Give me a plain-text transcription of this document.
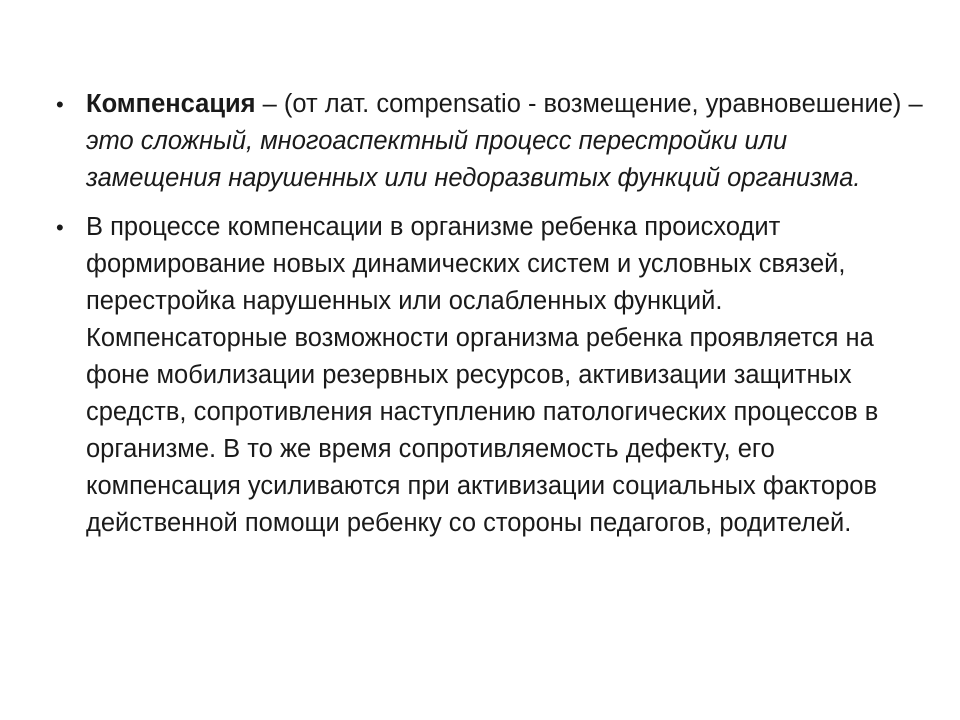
• Компенсация – (от лат. compensatio - возмещение, уравновешение) – это сложный, многоаспектный процесс перестройки или замещения нарушенных или недоразвитых функций организма.
• В процессе компенсации в организме ребенка происходит формирование новых динамических систем и условных связей, перестройка нарушенных или ослабленных функций. Компенсаторные возможности организма ребенка проявляется на фоне мобилизации резервных ресурсов, активизации защитных средств, сопротивления наступлению патологических процессов в организме. В то же время сопротивляемость дефекту, его компенсация усиливаются при активизации социальных факторов действенной помощи ребенку со стороны педагогов, родителей.
